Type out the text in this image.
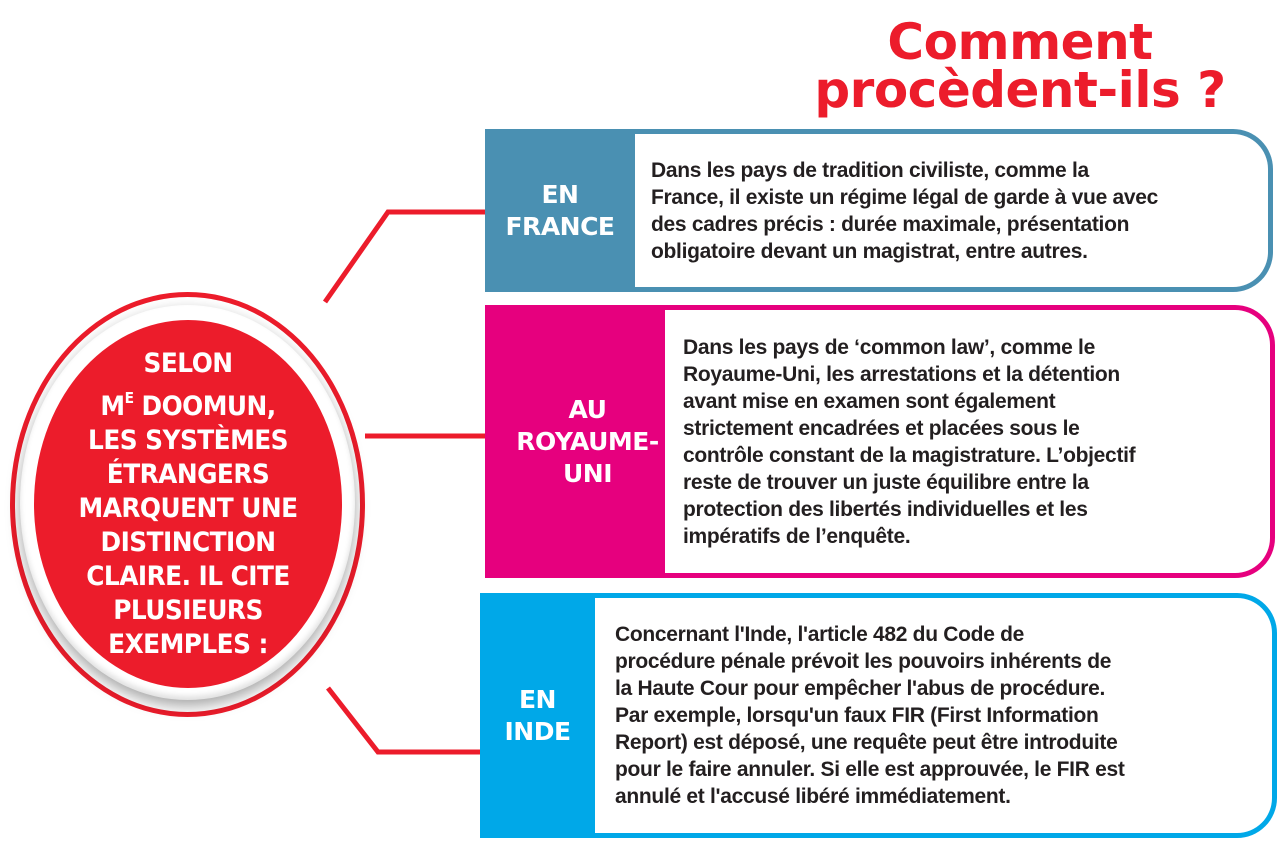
Comment
procèdent-ils ?
SELON
$M^E$ DOOMUN,
LES SYSTÈMES
ÉTRANGERS
MARQUENT UNE
DISTINCTION
CLAIRE. IL CITE
PLUSIEURS
EXEMPLES :
EN
FRANCE

Dans les pays de tradition civiliste, comme la
France, il existe un régime légal de garde à vue avec
des cadres précis : durée maximale, présentation
obligatoire devant un magistrat, entre autres.

AU
ROYAUME-
UNI

Dans les pays de ‘common law’, comme le
Royaume-Uni, les arrestations et la détention
avant mise en examen sont également
strictement encadrées et placées sous le
contrôle constant de la magistrature. L’objectif
reste de trouver un juste équilibre entre la
protection des libertés individuelles et les
impératifs de l’enquête.

EN
INDE

Concernant l'Inde, l'article 482 du Code de
procédure pénale prévoit les pouvoirs inhérents de
la Haute Cour pour empêcher l'abus de procédure.
Par exemple, lorsqu'un faux FIR (First Information
Report) est déposé, une requête peut être introduite
pour le faire annuler. Si elle est approuvée, le FIR est
annulé et l'accusé libéré immédiatement.
